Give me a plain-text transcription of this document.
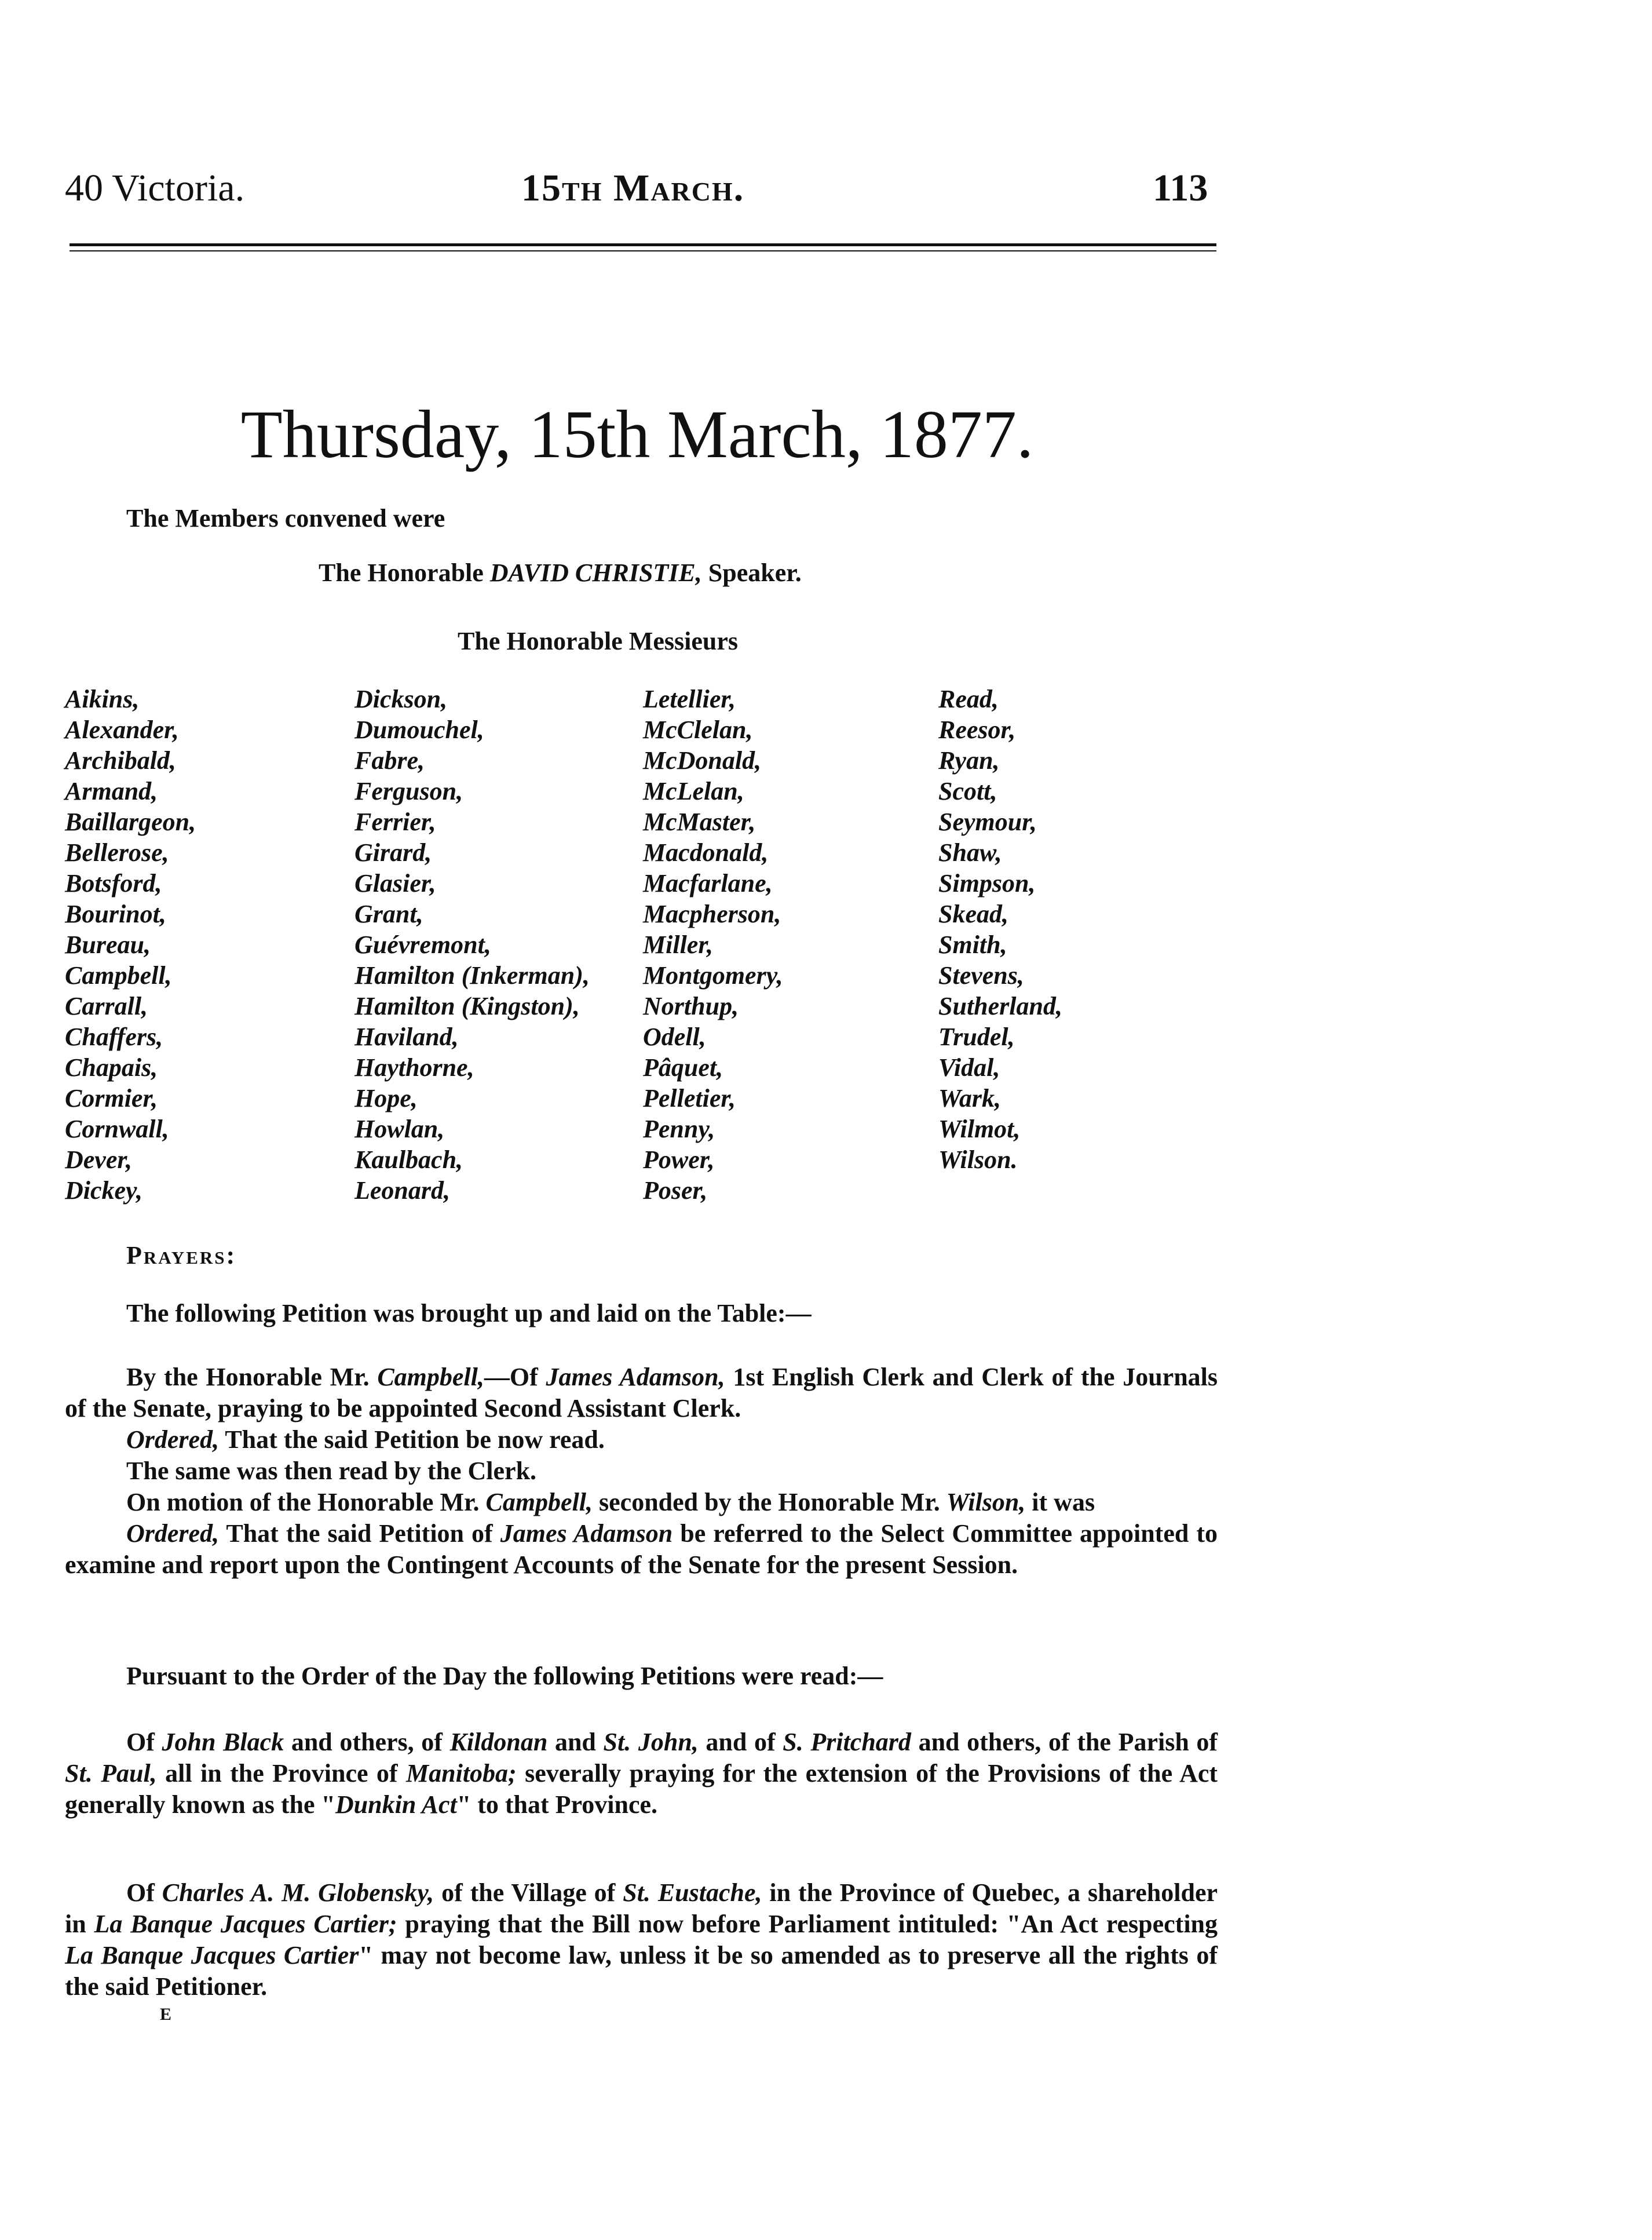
40 Victoria.	15th March.	113
Thursday, 15th March, 1877.
The Members convened were
The Honorable DAVID CHRISTIE, Speaker.
The Honorable Messieurs
Aikins,
Alexander,
Archibald,
Armand,
Baillargeon,
Bellerose,
Botsford,
Bourinot,
Bureau,
Campbell,
Carrall,
Chaffers,
Chapais,
Cormier,
Cornwall,
Dever,
Dickey,
Dickson,
Dumouchel,
Fabre,
Ferguson,
Ferrier,
Girard,
Glasier,
Grant,
Guévremont,
Hamilton (Inkerman),
Hamilton (Kingston),
Haviland,
Haythorne,
Hope,
Howlan,
Kaulbach,
Leonard,
Letellier,
McClelan,
McDonald,
McLelan,
McMaster,
Macdonald,
Macfarlane,
Macpherson,
Miller,
Montgomery,
Northup,
Odell,
Pâquet,
Pelletier,
Penny,
Power,
Poser,
Read,
Reesor,
Ryan,
Scott,
Seymour,
Shaw,
Simpson,
Skead,
Smith,
Stevens,
Sutherland,
Trudel,
Vidal,
Wark,
Wilmot,
Wilson.
Prayers:
The following Petition was brought up and laid on the Table:—

By the Honorable Mr. Campbell,—Of James Adamson, 1st English Clerk and Clerk of the Journals of the Senate, praying to be appointed Second Assistant Clerk.

Ordered, That the said Petition be now read.

The same was then read by the Clerk.

On motion of the Honorable Mr. Campbell, seconded by the Honorable Mr. Wilson, it was

Ordered, That the said Petition of James Adamson be referred to the Select Committee appointed to examine and report upon the Contingent Accounts of the Senate for the present Session.

Pursuant to the Order of the Day the following Petitions were read:—

Of John Black and others, of Kildonan and St. John, and of S. Pritchard and others, of the Parish of St. Paul, all in the Province of Manitoba; severally praying for the extension of the Provisions of the Act generally known as the "Dunkin Act" to that Province.

Of Charles A. M. Globensky, of the Village of St. Eustache, in the Province of Quebec, a shareholder in La Banque Jacques Cartier; praying that the Bill now before Parliament intituled: "An Act respecting La Banque Jacques Cartier" may not become law, unless it be so amended as to preserve all the rights of the said Petitioner.

E
